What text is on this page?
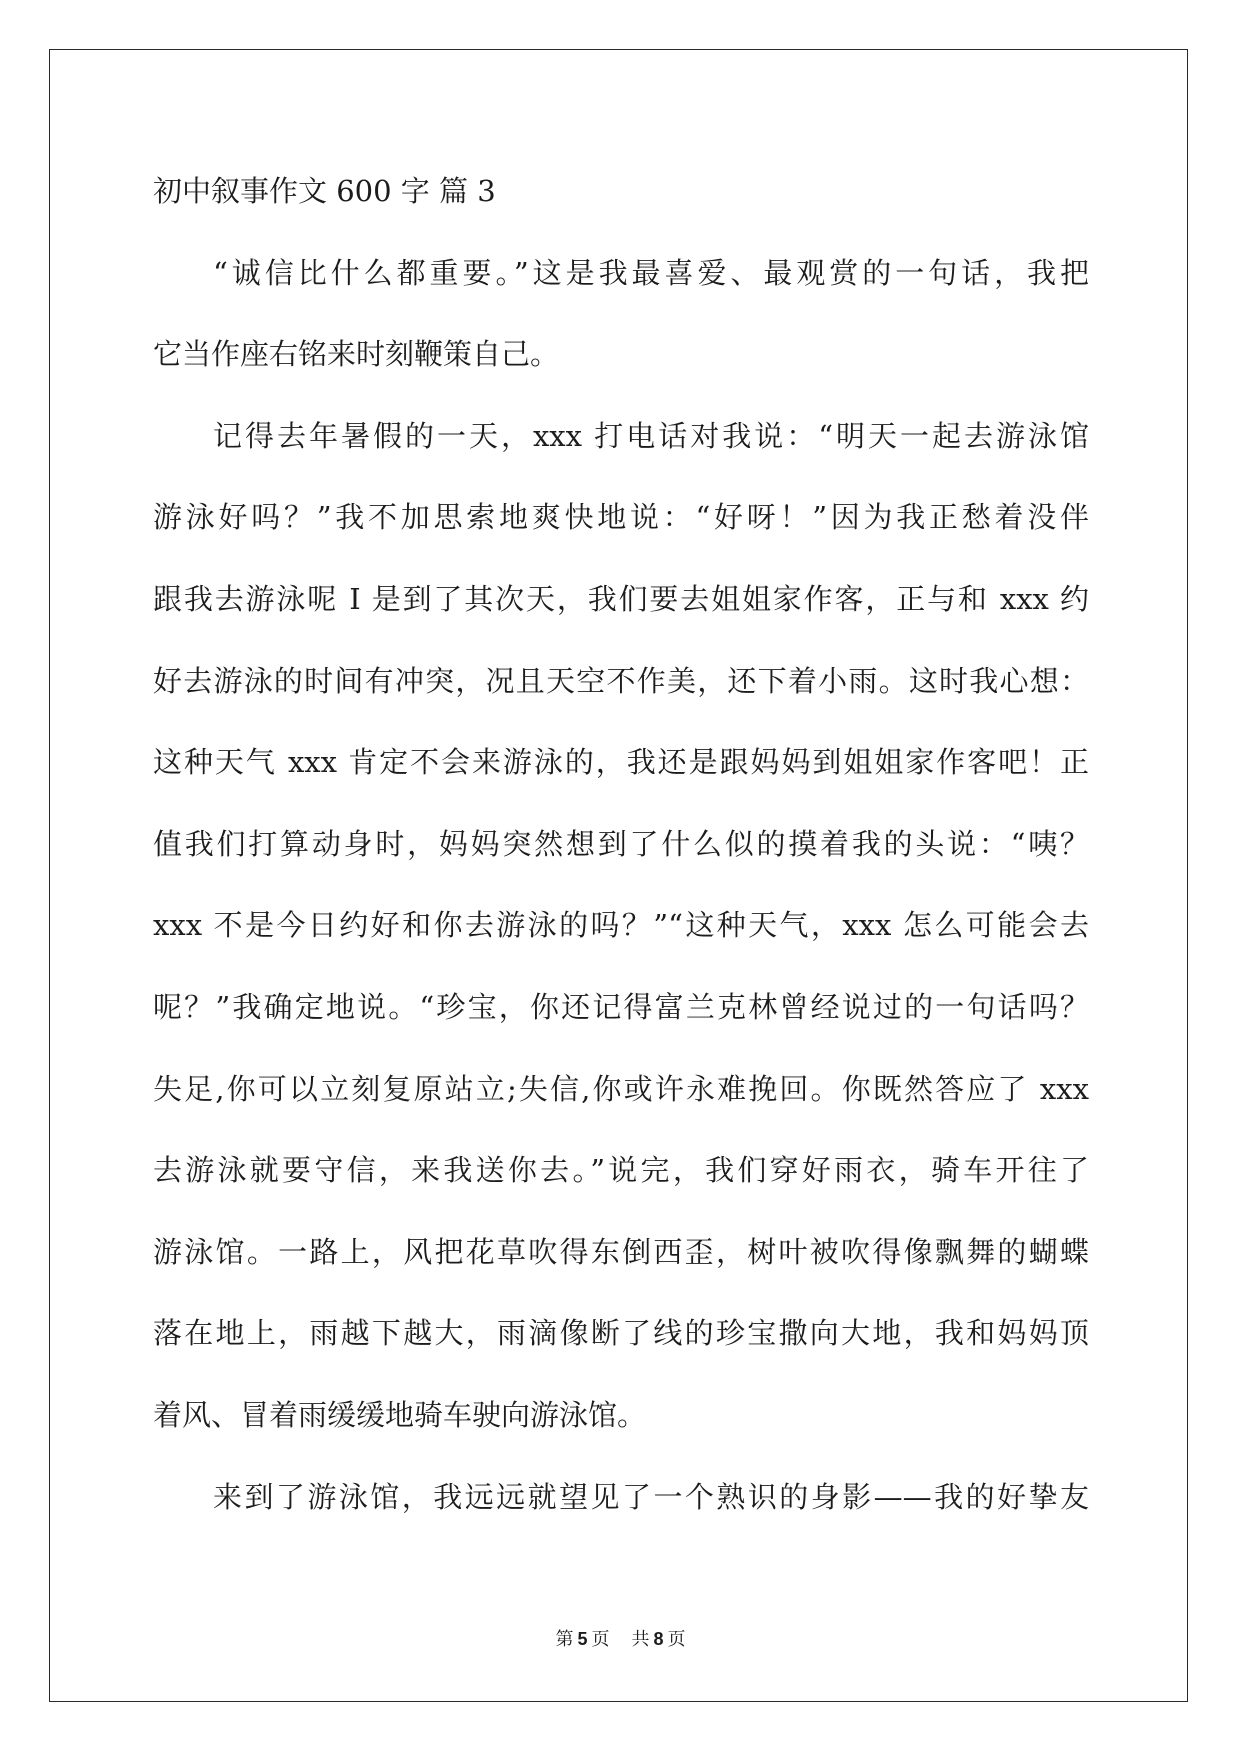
初中叙事作文 600 字 篇 3
“诚信比什么都重要。”这是我最喜爱、最观赏的一句话，我把
它当作座右铭来时刻鞭策自己。
记得去年暑假的一天，xxx 打电话对我说：“明天一起去游泳馆
游泳好吗？”我不加思索地爽快地说：“好呀！”因为我正愁着没伴
跟我去游泳呢 I 是到了其次天，我们要去姐姐家作客，正与和 xxx 约
好去游泳的时间有冲突，况且天空不作美，还下着小雨。这时我心想：
这种天气 xxx 肯定不会来游泳的，我还是跟妈妈到姐姐家作客吧！正
值我们打算动身时，妈妈突然想到了什么似的摸着我的头说：“咦？
xxx 不是今日约好和你去游泳的吗？”“这种天气，xxx 怎么可能会去
呢？”我确定地说。“珍宝，你还记得富兰克林曾经说过的一句话吗？
失足,你可以立刻复原站立;失信,你或许永难挽回。你既然答应了 xxx
去游泳就要守信，来我送你去。”说完，我们穿好雨衣，骑车开往了
游泳馆。一路上，风把花草吹得东倒西歪，树叶被吹得像飘舞的蝴蝶
落在地上，雨越下越大，雨滴像断了线的珍宝撒向大地，我和妈妈顶
着风、冒着雨缓缓地骑车驶向游泳馆。
来到了游泳馆，我远远就望见了一个熟识的身影——我的好挚友
第 5 页 共 8 页
